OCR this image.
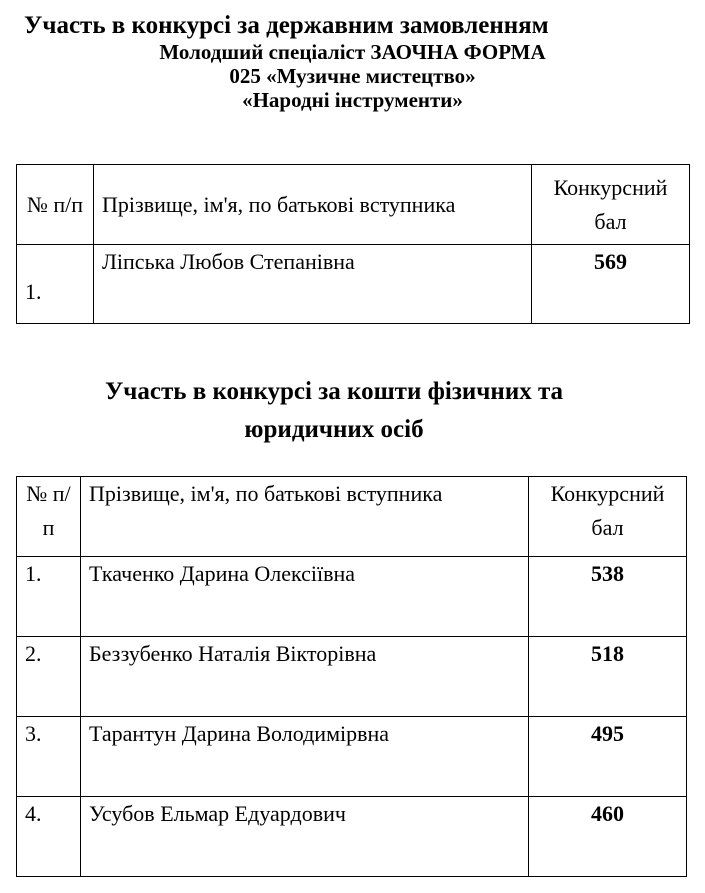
Участь в конкурсі за державним замовленням
Молодший спеціаліст ЗАОЧНА ФОРМА
025 «Музичне мистецтво»
«Народні інструменти»
№ п/п	Прізвище, ім'я, по батькові вступника	Конкурсний бал
1.	Ліпська Любов Степанівна	569
Участь в конкурсі за кошти фізичних та
юридичних осіб
№ п/п	Прізвище, ім'я, по батькові вступника	Конкурсний бал
1.	Ткаченко Дарина Олексіївна	538
2.	Беззубенко Наталія Вікторівна	518
3.	Тарантун Дарина Володимірвна	495
4.	Усубов Ельмар Едуардович	460
